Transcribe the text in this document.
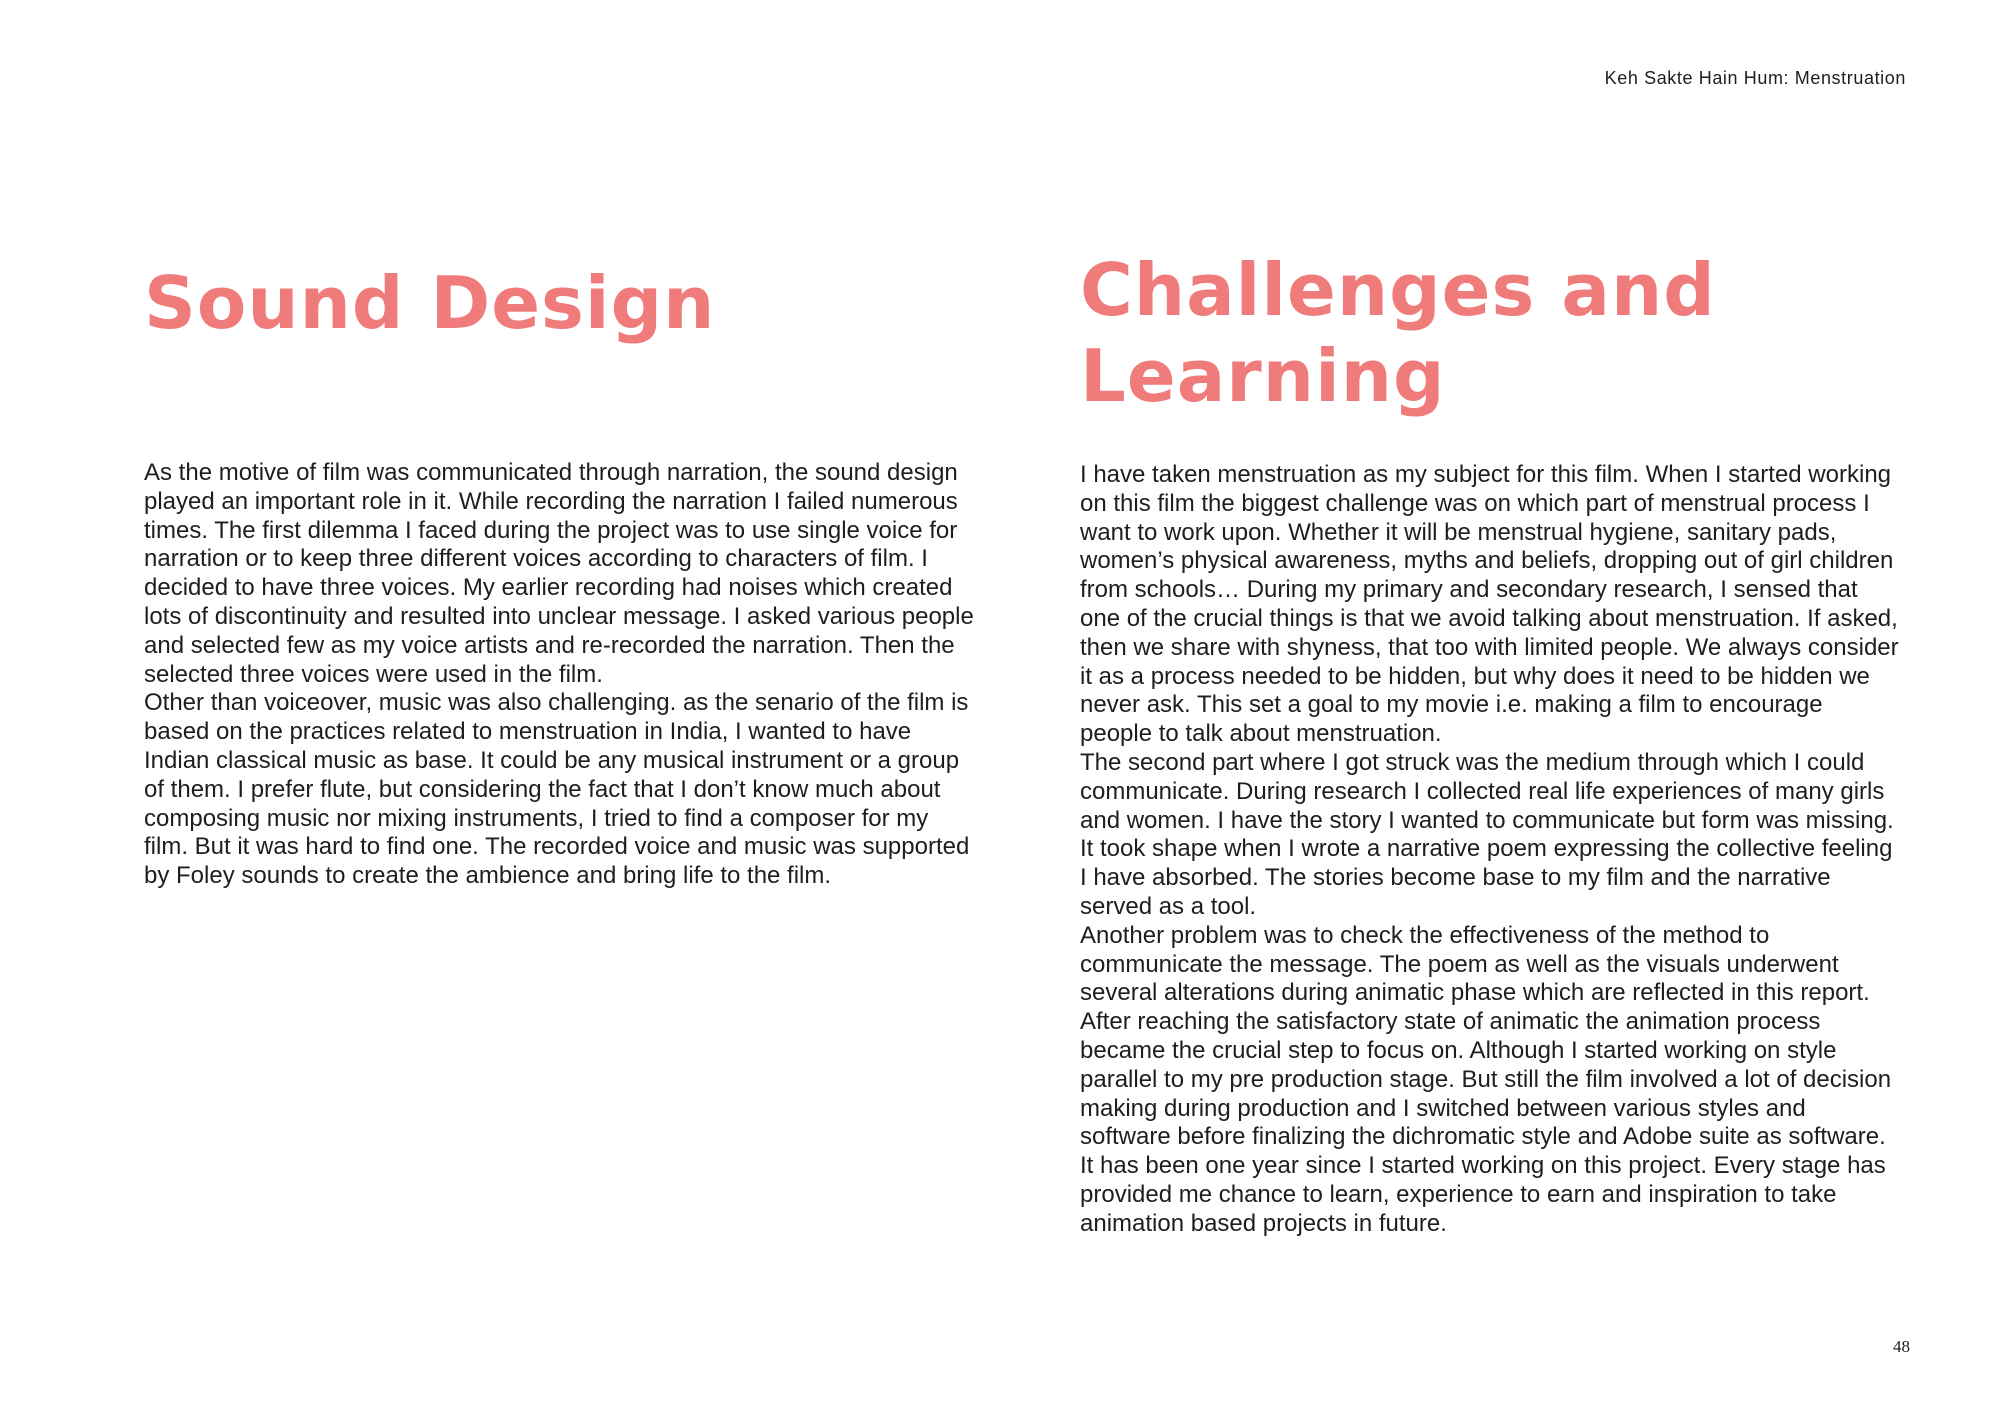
Keh Sakte Hain Hum: Menstruation
Sound Design	Challenges and
Learning

As the motive of film was communicated through narration, the sound design played an important role in it. While recording the narration I failed numerous times. The first dilemma I faced during the project was to use single voice for narration or to keep three different voices according to characters of film. I decided to have three voices. My earlier recording had noises which created lots of discontinuity and resulted into unclear message. I asked various people and selected few as my voice artists and re-recorded the narration. Then the selected three voices were used in the film.

Other than voiceover, music was also challenging. as the senario of the film is based on the practices related to menstruation in India, I wanted to have Indian classical music as base. It could be any musical instrument or a group of them. I prefer flute, but considering the fact that I don’t know much about composing music nor mixing instruments, I tried to find a composer for my film. But it was hard to find one. The recorded voice and music was supported by Foley sounds to create the ambience and bring life to the film.

I have taken menstruation as my subject for this film. When I started working on this film the biggest challenge was on which part of menstrual process I want to work upon. Whether it will be menstrual hygiene, sanitary pads, women’s physical awareness, myths and beliefs, dropping out of girl children from schools… During my primary and secondary research, I sensed that one of the crucial things is that we avoid talking about menstruation. If asked, then we share with shyness, that too with limited people. We always consider it as a process needed to be hidden, but why does it need to be hidden we never ask. This set a goal to my movie i.e. making a film to encourage people to talk about menstruation.

The second part where I got struck was the medium through which I could communicate. During research I collected real life experiences of many girls and women. I have the story I wanted to communicate but form was missing. It took shape when I wrote a narrative poem expressing the collective feeling I have absorbed. The stories become base to my film and the narrative served as a tool.

Another problem was to check the effectiveness of the method to communicate the message. The poem as well as the visuals underwent several alterations during animatic phase which are reflected in this report.

After reaching the satisfactory state of animatic the animation process became the crucial step to focus on. Although I started working on style parallel to my pre production stage. But still the film involved a lot of decision making during production and I switched between various styles and software before finalizing the dichromatic style and Adobe suite as software.

It has been one year since I started working on this project. Every stage has provided me chance to learn, experience to earn and inspiration to take animation based projects in future.

48
